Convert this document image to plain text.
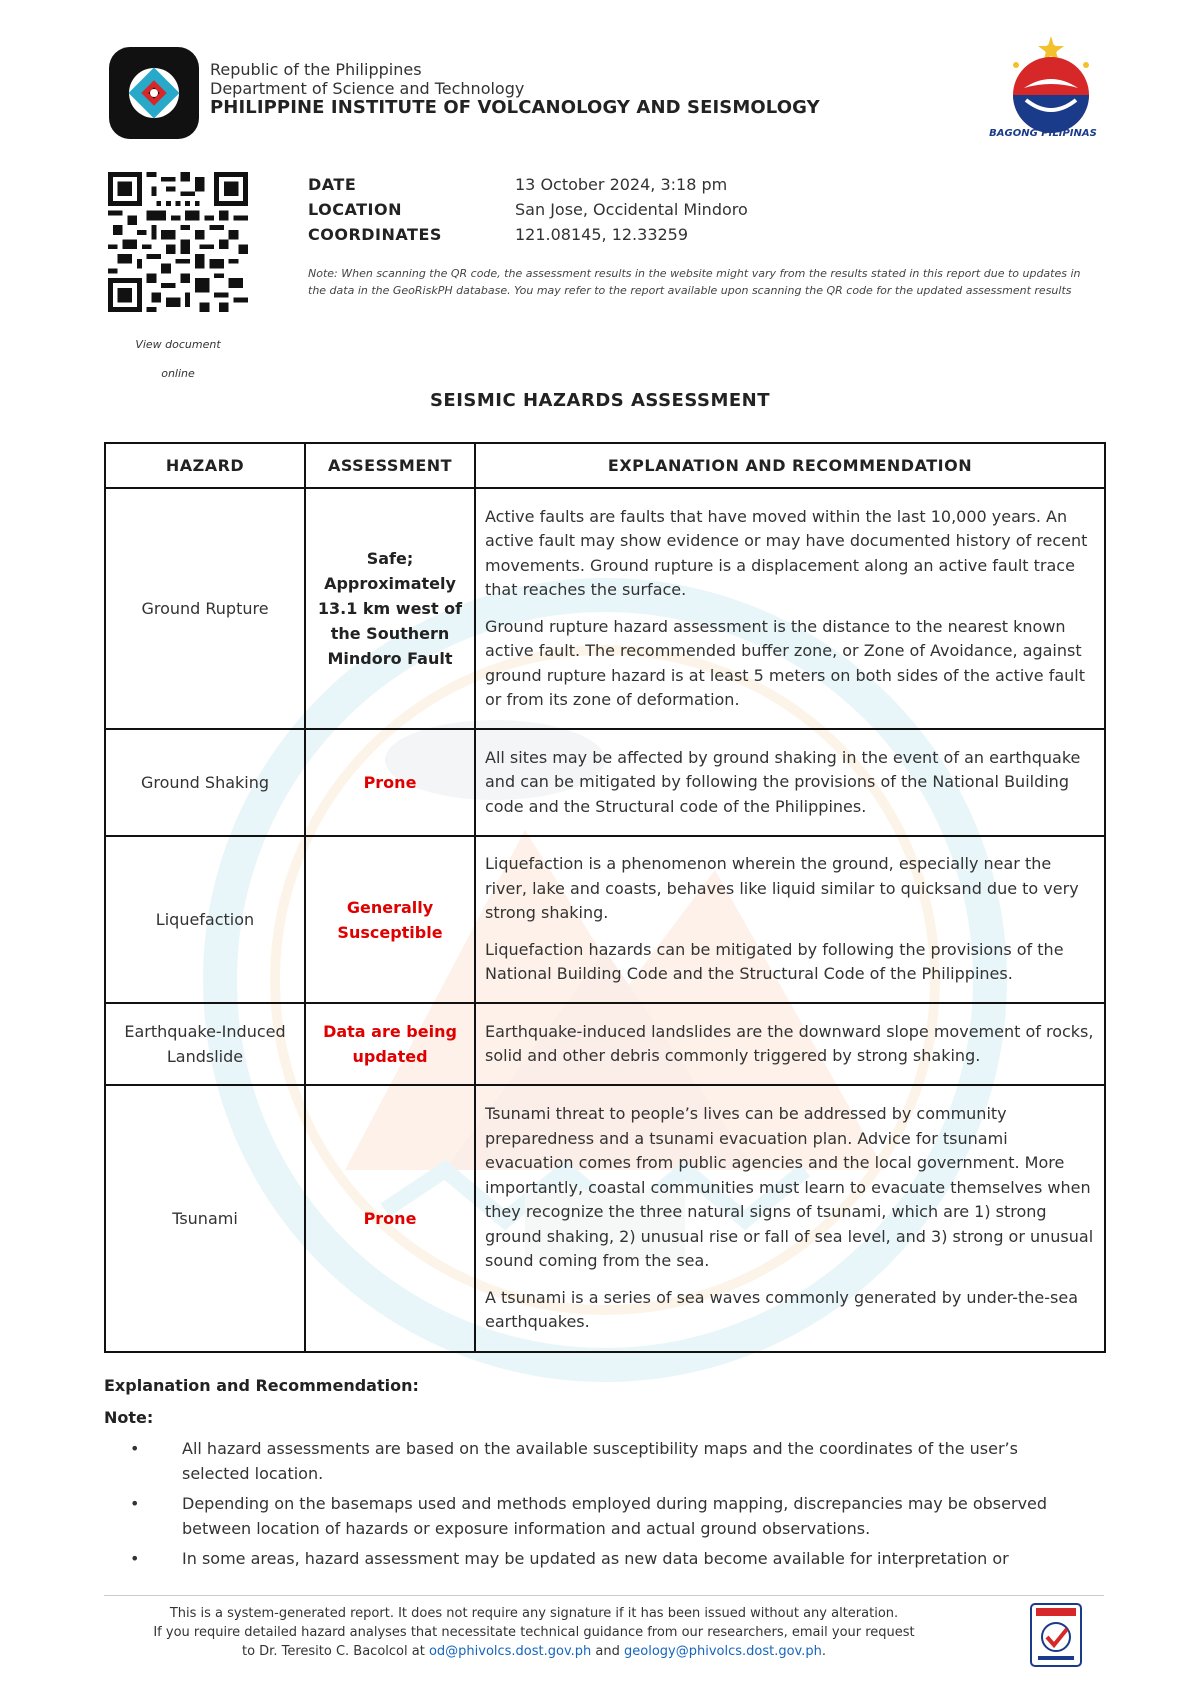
Republic of the Philippines
Department of Science and Technology
PHILIPPINE INSTITUTE OF VOLCANOLOGY AND SEISMOLOGY
BAGONG PILIPINAS
View document online
DATE	13 October 2024, 3:18 pm
LOCATION	San Jose, Occidental Mindoro
COORDINATES	121.08145, 12.33259
Note: When scanning the QR code, the assessment results in the website might vary from the results stated in this report due to updates in the data in the GeoRiskPH database. You may refer to the report available upon scanning the QR code for the updated assessment results
SEISMIC HAZARDS ASSESSMENT
HAZARD	ASSESSMENT	EXPLANATION AND RECOMMENDATION
Ground Rupture	Safe; Approximately 13.1 km west of the Southern Mindoro Fault	Active faults are faults that have moved within the last 10,000 years. An active fault may show evidence or may have documented history of recent movements. Ground rupture is a displacement along an active fault trace that reaches the surface.

Ground rupture hazard assessment is the distance to the nearest known active fault. The recommended buffer zone, or Zone of Avoidance, against ground rupture hazard is at least 5 meters on both sides of the active fault or from its zone of deformation.

Ground Shaking	Prone	All sites may be affected by ground shaking in the event of an earthquake and can be mitigated by following the provisions of the National Building code and the Structural code of the Philippines.

Liquefaction	Generally Susceptible	Liquefaction is a phenomenon wherein the ground, especially near the river, lake and coasts, behaves like liquid similar to quicksand due to very strong shaking.

Liquefaction hazards can be mitigated by following the provisions of the National Building Code and the Structural Code of the Philippines.

Earthquake-Induced Landslide	Data are being updated	Earthquake-induced landslides are the downward slope movement of rocks, solid and other debris commonly triggered by strong shaking.

Tsunami	Prone	Tsunami threat to people’s lives can be addressed by community preparedness and a tsunami evacuation plan. Advice for tsunami evacuation comes from public agencies and the local government. More importantly, coastal communities must learn to evacuate themselves when they recognize the three natural signs of tsunami, which are 1) strong ground shaking, 2) unusual rise or fall of sea level, and 3) strong or unusual sound coming from the sea.

A tsunami is a series of sea waves commonly generated by under-the-sea earthquakes.

Explanation and Recommendation:
Note:
•	All hazard assessments are based on the available susceptibility maps and the coordinates of the user’s selected location.
•	Depending on the basemaps used and methods employed during mapping, discrepancies may be observed between location of hazards or exposure information and actual ground observations.
•	In some areas, hazard assessment may be updated as new data become available for interpretation or
This is a system-generated report. It does not require any signature if it has been issued without any alteration.
If you require detailed hazard analyses that necessitate technical guidance from our researchers, email your request
to Dr. Teresito C. Bacolcol at od@phivolcs.dost.gov.ph and geology@phivolcs.dost.gov.ph.
